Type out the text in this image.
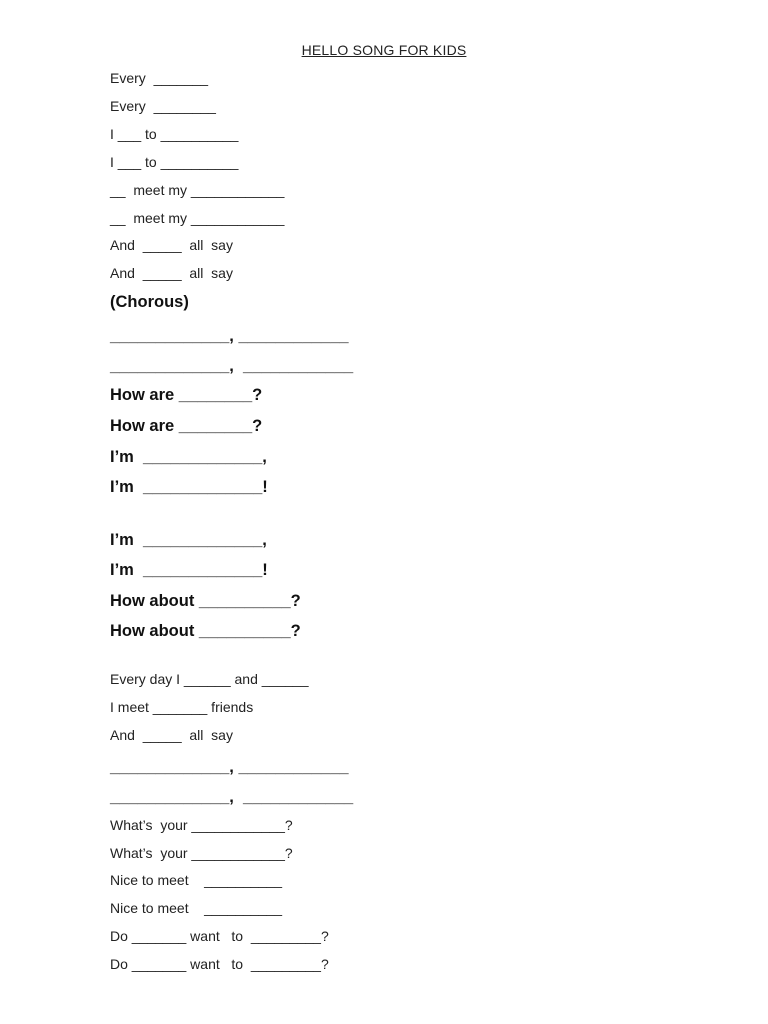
HELLO SONG FOR KIDS
Every  _______
Every  ________
I ___ to __________
I ___ to __________
__  meet my ____________
__  meet my ____________
And  _____  all  say
And  _____  all  say
(Chorous)
_____________, ____________
_____________,  ____________
How are ________?
How are ________?
I’m  _____________,
I’m  _____________!
I’m  _____________,
I’m  _____________!
How about __________?
How about __________?
Every day I ______ and ______
I meet _______ friends
And  _____  all  say
_____________, ____________
_____________,  ____________
What’s  your ____________?
What’s  your ____________?
Nice to meet    __________
Nice to meet    __________
Do _______ want   to  _________?
Do _______ want   to  _________?
